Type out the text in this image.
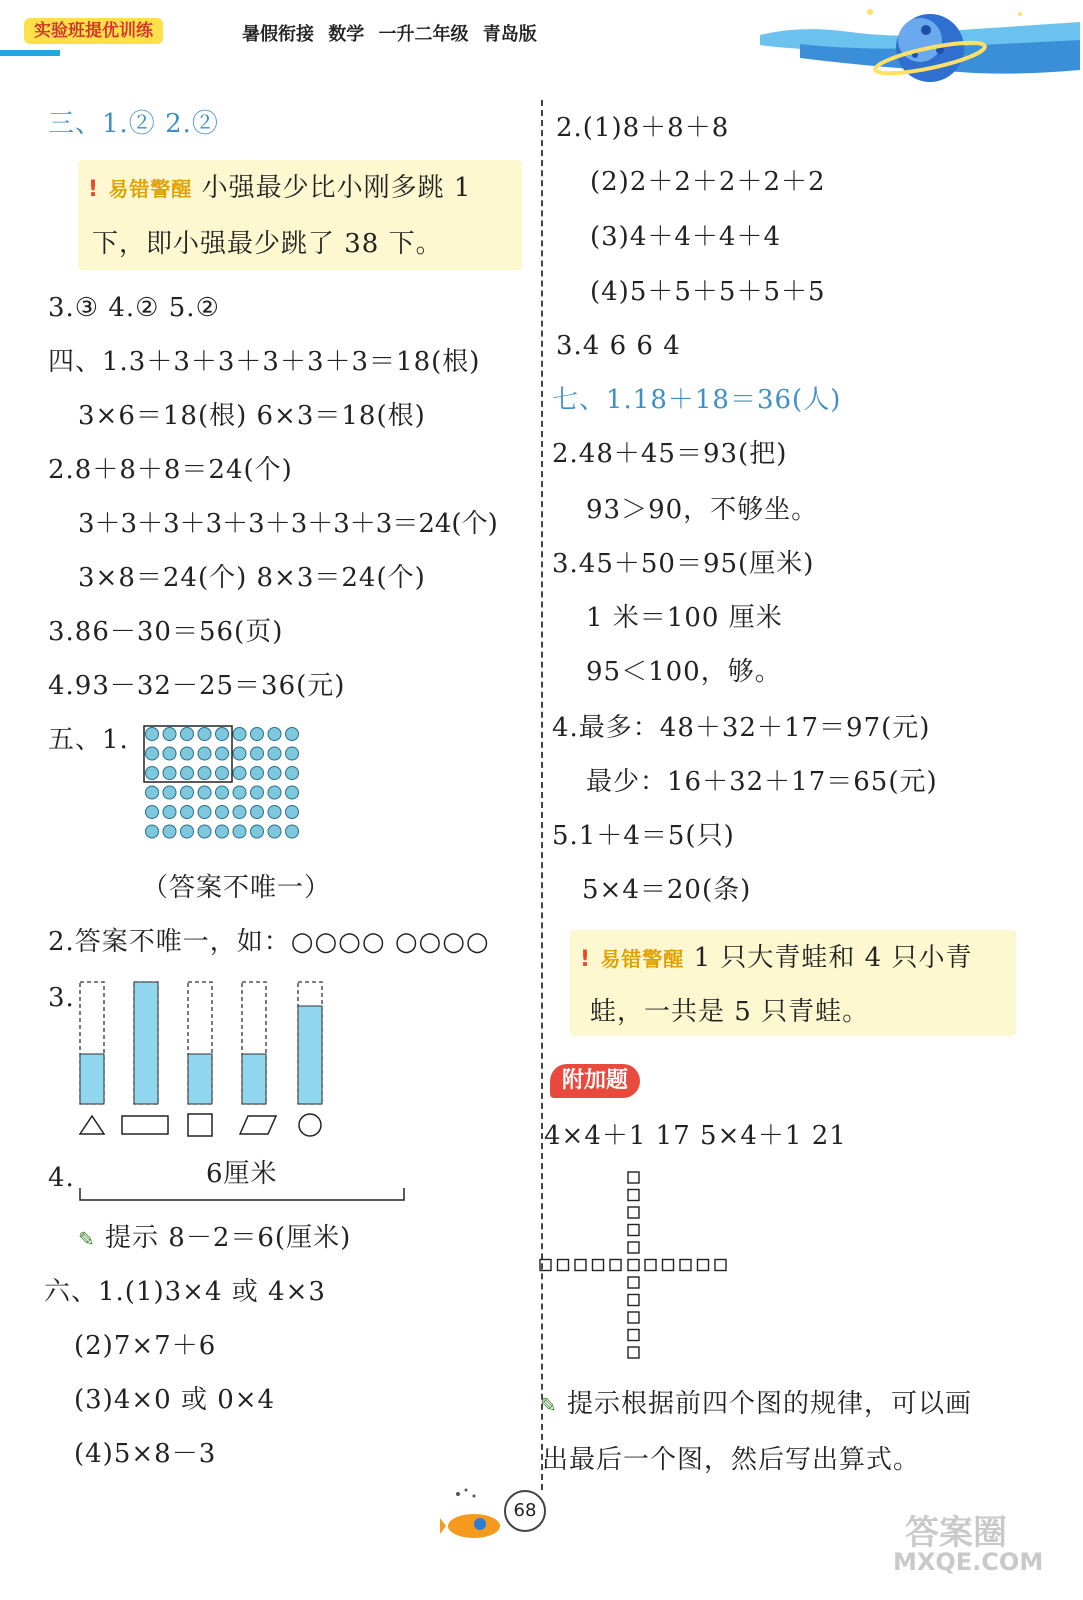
实验班提优训练	暑假衔接 数学 一升二年级 青岛版
三、1.② 2.②
! 易错警醒 小强最少比小刚多跳 1
下，即小强最少跳了 38 下。
3.③ 4.② 5.②
四、1.3＋3＋3＋3＋3＋3＝18(根)
3×6＝18(根) 6×3＝18(根)
2.8＋8＋8＝24(个)
3＋3＋3＋3＋3＋3＋3＋3＝24(个)
3×8＝24(个) 8×3＝24(个)
3.86－30＝56(页)
4.93－32－25＝36(元)
五、1.
（答案不唯一）
2.答案不唯一，如：○○○○ ○○○○
3.
4.	6厘米
✎ 提示 8－2＝6(厘米)
六、1.(1)3×4 或 4×3
(2)7×7＋6
(3)4×0 或 0×4
(4)5×8－3
2.(1)8＋8＋8
(2)2＋2＋2＋2＋2
(3)4＋4＋4＋4
(4)5＋5＋5＋5＋5
3.4 6 6 4
七、1.18＋18＝36(人)
2.48＋45＝93(把)
93＞90，不够坐。
3.45＋50＝95(厘米)
1 米＝100 厘米
95＜100，够。
4.最多：48＋32＋17＝97(元)
最少：16＋32＋17＝65(元)
5.1＋4＝5(只)
5×4＝20(条)
! 易错警醒 1 只大青蛙和 4 只小青
蛙，一共是 5 只青蛙。
附加题
4×4＋1 17 5×4＋1 21
✎ 提示根据前四个图的规律，可以画
出最后一个图，然后写出算式。
68
答案圈
MXQE.COM
